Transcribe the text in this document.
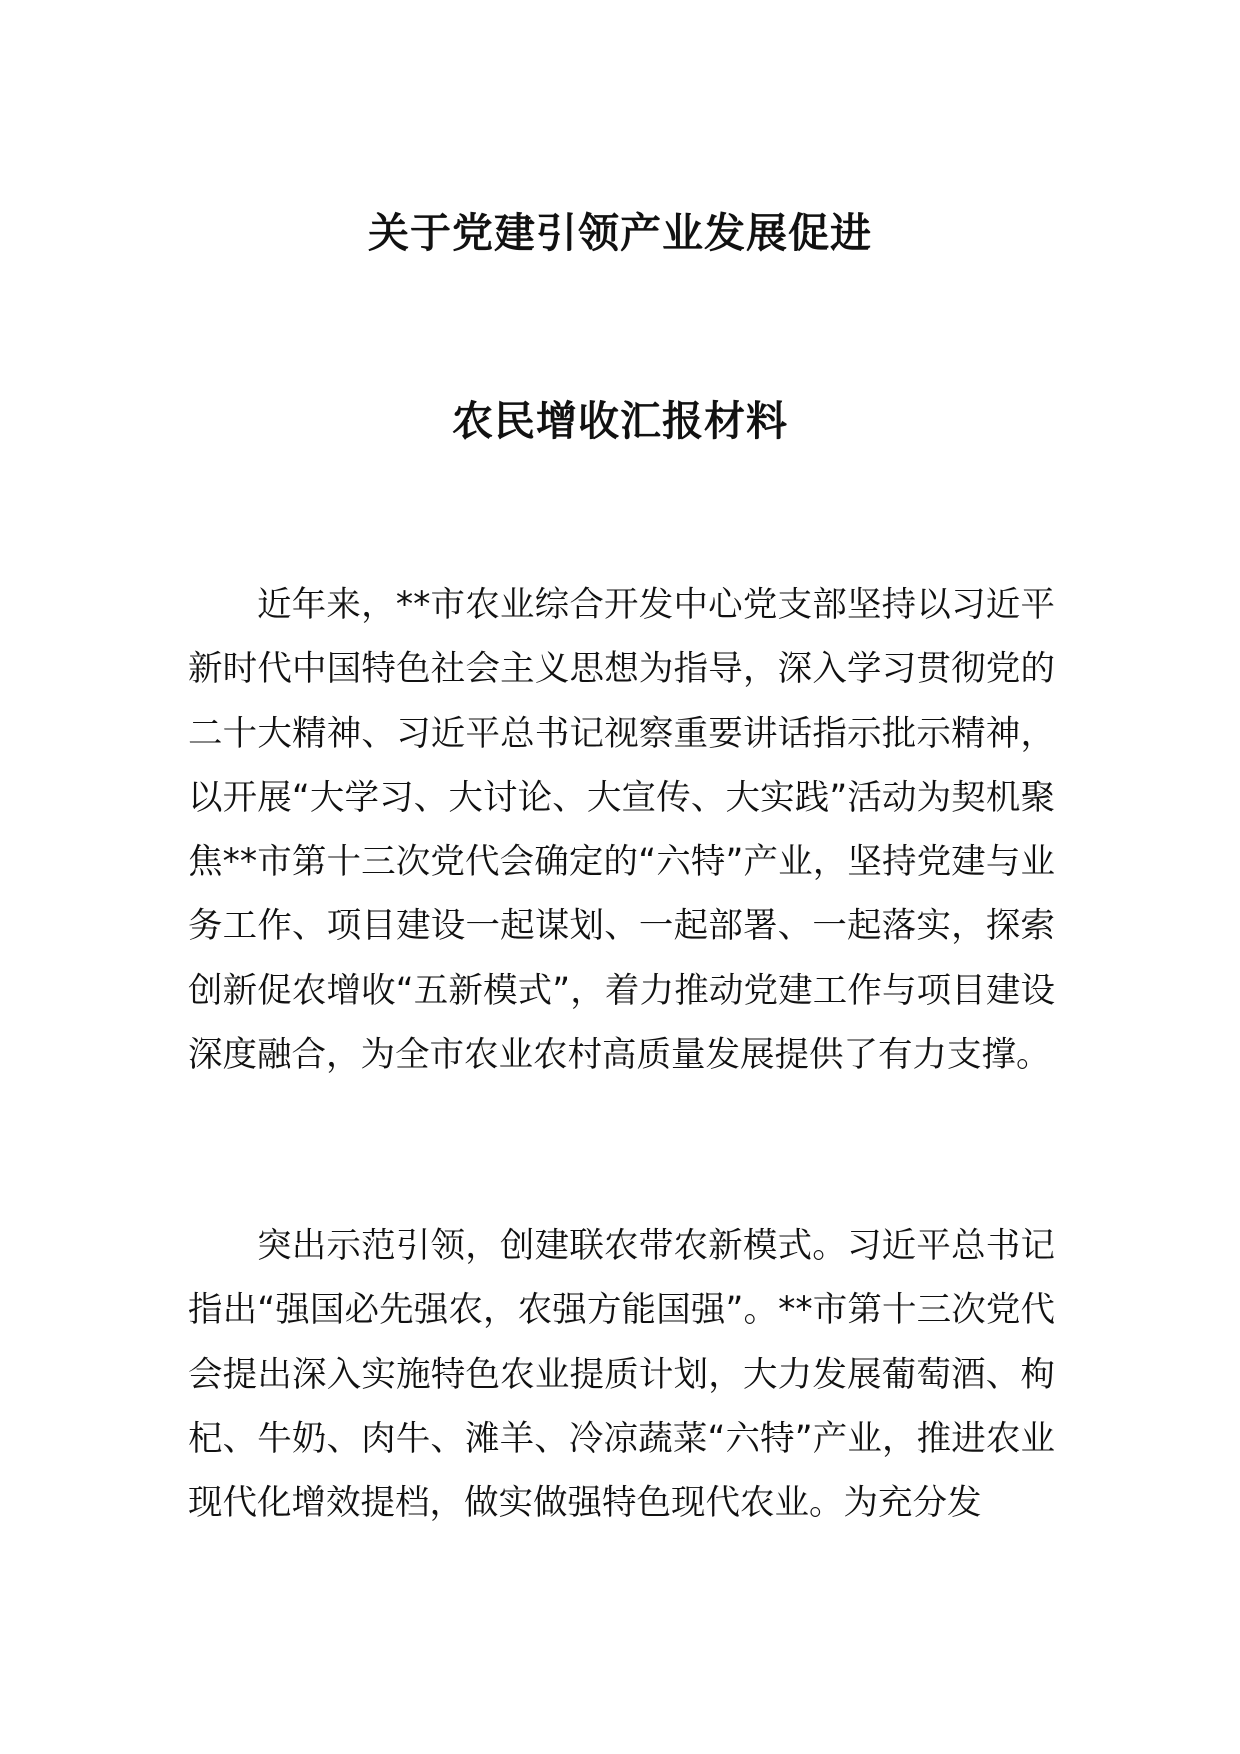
关于党建引领产业发展促进
农民增收汇报材料

近年来，**市农业综合开发中心党支部坚持以习近平新时代中国特色社会主义思想为指导，深入学习贯彻党的二十大精神、习近平总书记视察重要讲话指示批示精神，以开展“大学习、大讨论、大宣传、大实践”活动为契机聚焦**市第十三次党代会确定的“六特”产业，坚持党建与业务工作、项目建设一起谋划、一起部署、一起落实，探索创新促农增收“五新模式”，着力推动党建工作与项目建设深度融合，为全市农业农村高质量发展提供了有力支撑。

突出示范引领，创建联农带农新模式。习近平总书记指出“强国必先强农，农强方能国强”。**市第十三次党代会提出深入实施特色农业提质计划，大力发展葡萄酒、枸杞、牛奶、肉牛、滩羊、冷凉蔬菜“六特”产业，推进农业现代化增效提档，做实做强特色现代农业。为充分发
